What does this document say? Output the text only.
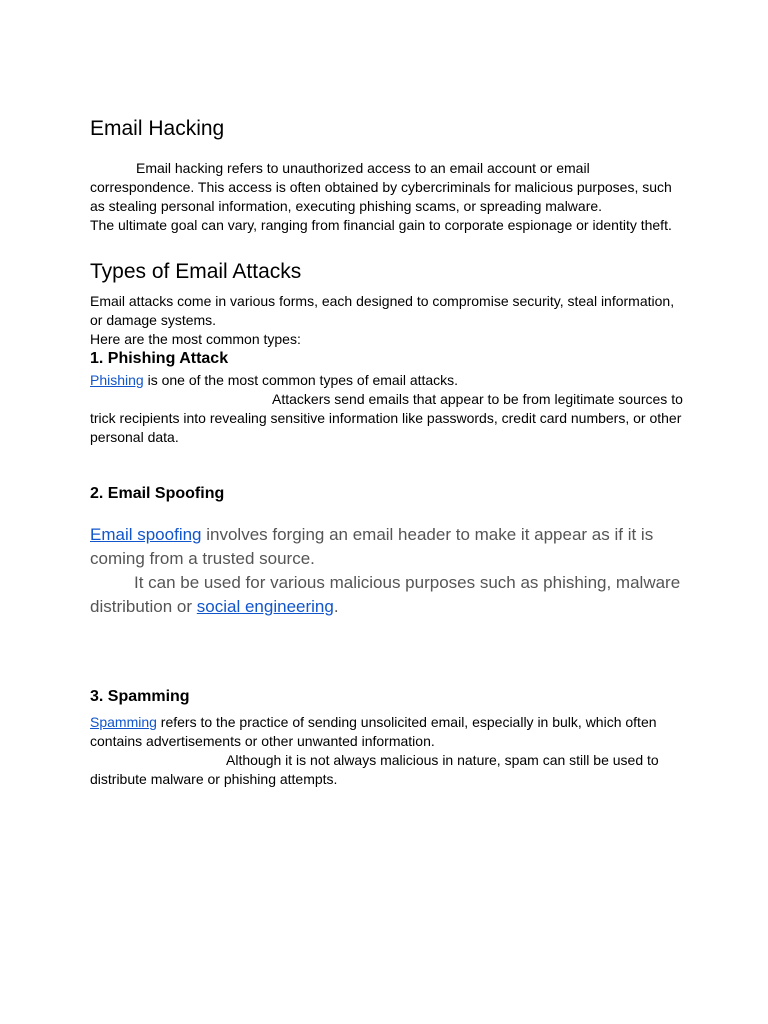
Email Hacking

Email hacking refers to unauthorized access to an email account or email correspondence. This access is often obtained by cybercriminals for malicious purposes, such as stealing personal information, executing phishing scams, or spreading malware.
The ultimate goal can vary, ranging from financial gain to corporate espionage or identity theft.

Types of Email Attacks

Email attacks come in various forms, each designed to compromise security, steal information, or damage systems.
Here are the most common types:

1. Phishing Attack

Phishing is one of the most common types of email attacks.
Attackers send emails that appear to be from legitimate sources to trick recipients into revealing sensitive information like passwords, credit card numbers, or other personal data.

2. Email Spoofing

Email spoofing involves forging an email header to make it appear as if it is coming from a trusted source.
It can be used for various malicious purposes such as phishing, malware distribution or social engineering.

3. Spamming

Spamming refers to the practice of sending unsolicited email, especially in bulk, which often contains advertisements or other unwanted information.
Although it is not always malicious in nature, spam can still be used to distribute malware or phishing attempts.
